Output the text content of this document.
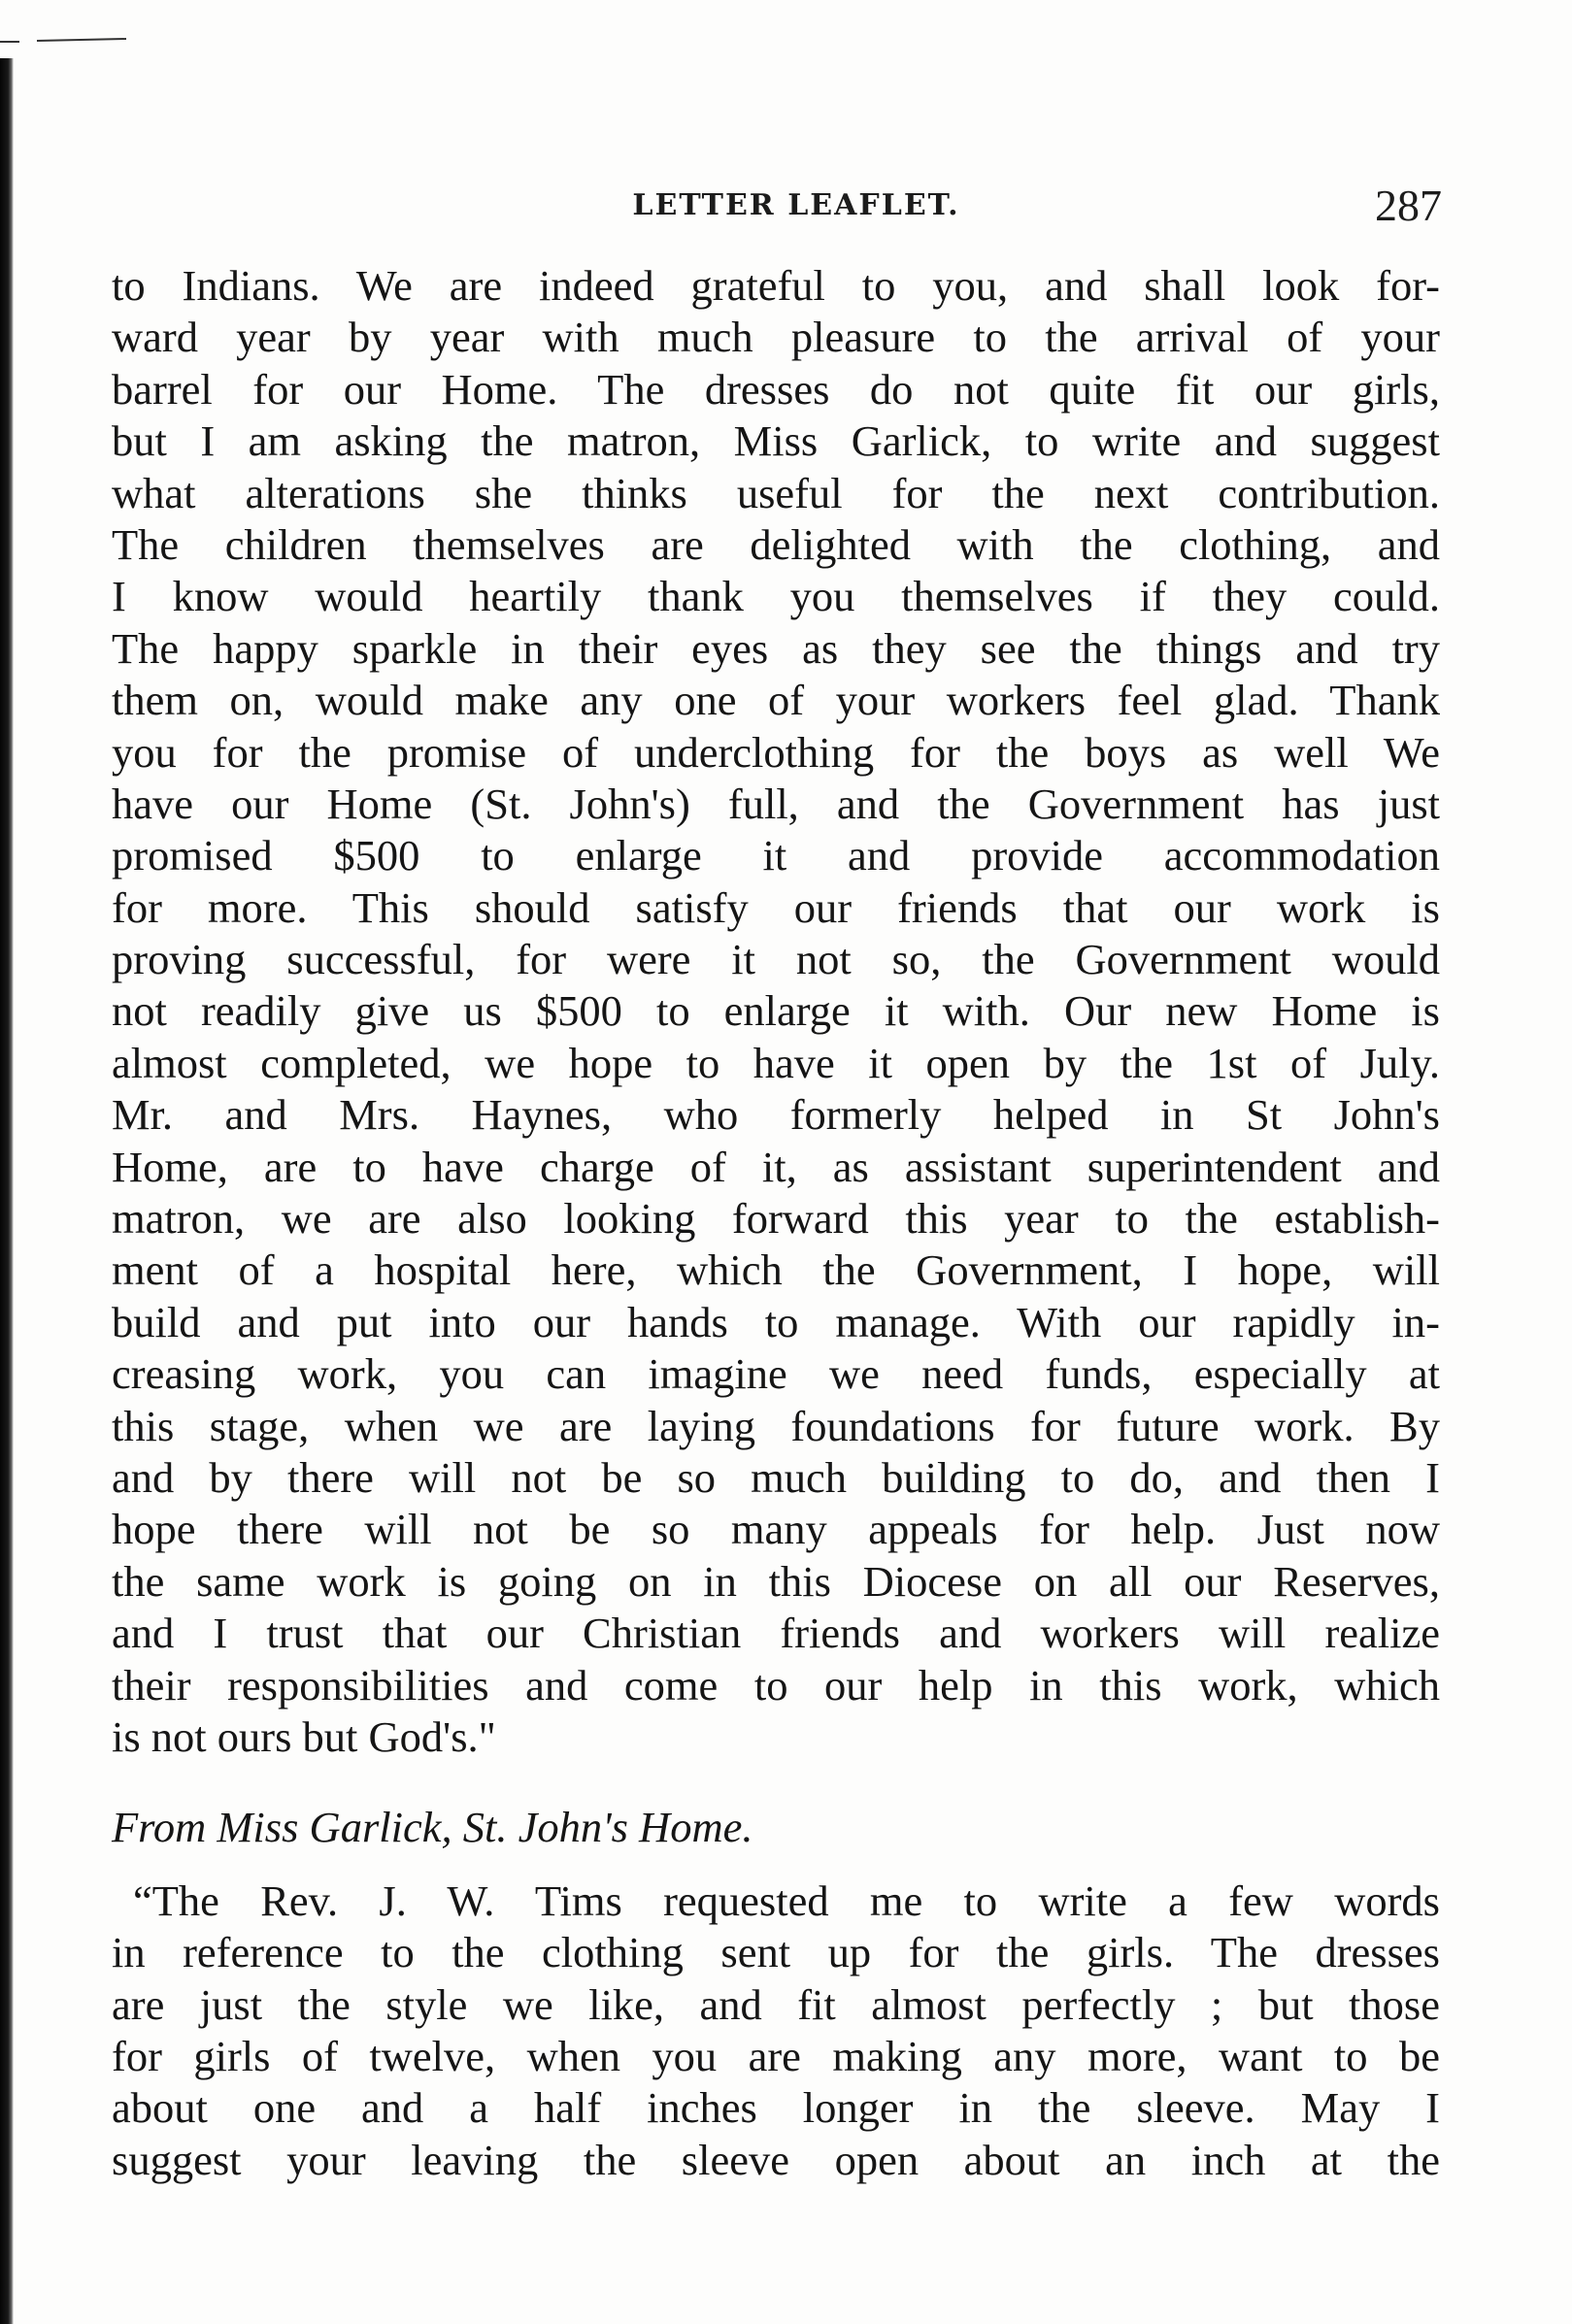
LETTER LEAFLET.	287
to Indians. We are indeed grateful to you, and shall look for-
ward year by year with much pleasure to the arrival of your
barrel for our Home. The dresses do not quite fit our girls,
but I am asking the matron, Miss Garlick, to write and suggest
what alterations she thinks useful for the next contribution.
The children themselves are delighted with the clothing, and
I know would heartily thank you themselves if they could.
The happy sparkle in their eyes as they see the things and try
them on, would make any one of your workers feel glad. Thank
you for the promise of underclothing for the boys as well We
have our Home (St. John's) full, and the Government has just
promised $500 to enlarge it and provide accommodation
for more. This should satisfy our friends that our work is
proving successful, for were it not so, the Government would
not readily give us $500 to enlarge it with. Our new Home is
almost completed, we hope to have it open by the 1st of July.
Mr. and Mrs. Haynes, who formerly helped in St John's
Home, are to have charge of it, as assistant superintendent and
matron, we are also looking forward this year to the establish-
ment of a hospital here, which the Government, I hope, will
build and put into our hands to manage. With our rapidly in-
creasing work, you can imagine we need funds, especially at
this stage, when we are laying foundations for future work. By
and by there will not be so much building to do, and then I
hope there will not be so many appeals for help. Just now
the same work is going on in this Diocese on all our Reserves,
and I trust that our Christian friends and workers will realize
their responsibilities and come to our help in this work, which
is not ours but God's."
From Miss Garlick, St. John's Home.
“The Rev. J. W. Tims requested me to write a few words
in reference to the clothing sent up for the girls. The dresses
are just the style we like, and fit almost perfectly ; but those
for girls of twelve, when you are making any more, want to be
about one and a half inches longer in the sleeve. May I
suggest your leaving the sleeve open about an inch at the
